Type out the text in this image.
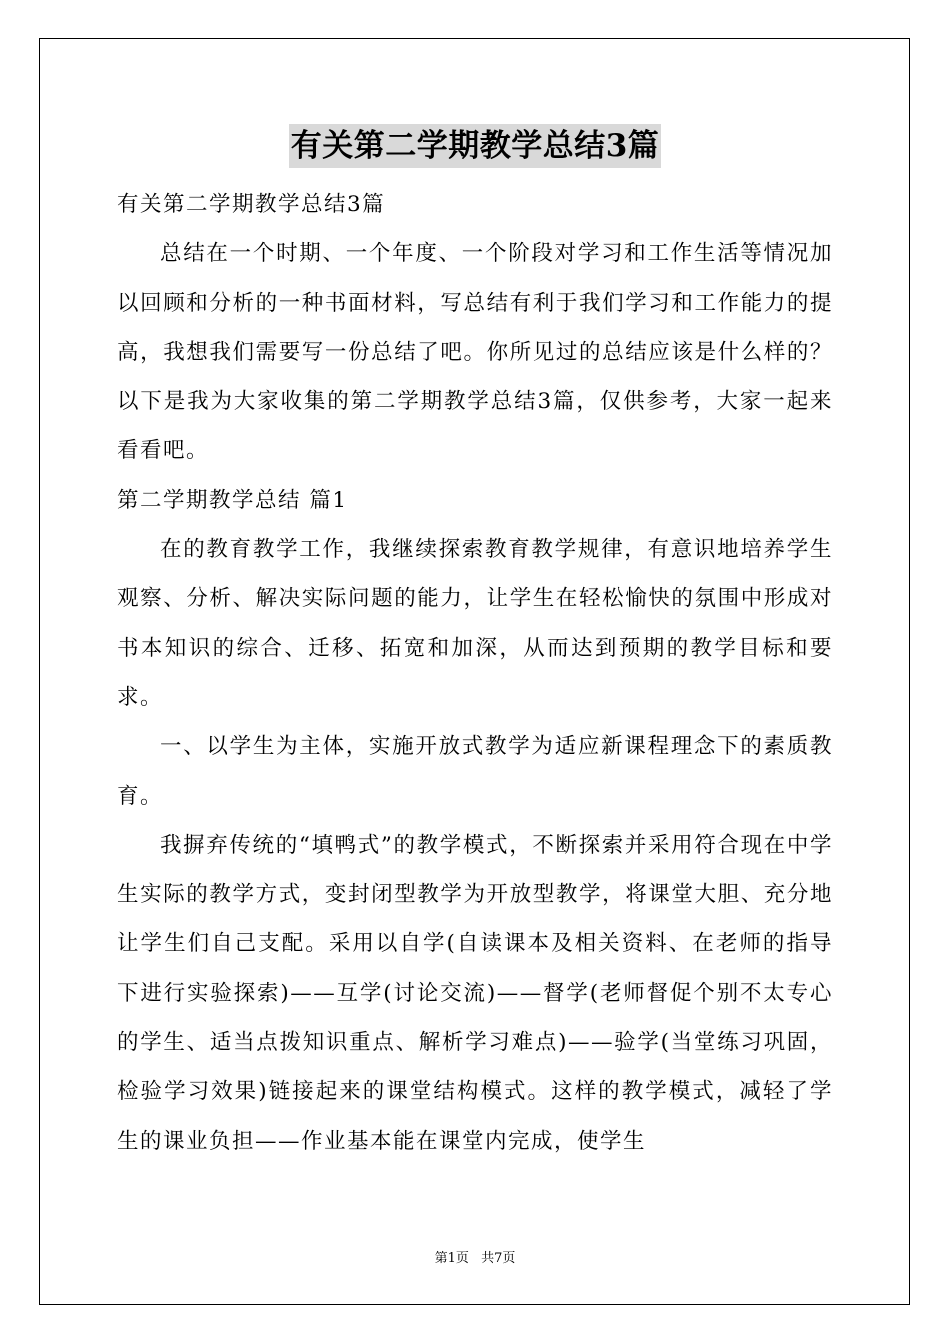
有关第二学期教学总结3篇

有关第二学期教学总结3篇

总结在一个时期、一个年度、一个阶段对学习和工作生活等情况加以回顾和分析的一种书面材料，写总结有利于我们学习和工作能力的提高，我想我们需要写一份总结了吧。你所见过的总结应该是什么样的？以下是我为大家收集的第二学期教学总结3篇，仅供参考，大家一起来看看吧。

第二学期教学总结 篇1

在的教育教学工作，我继续探索教育教学规律，有意识地培养学生观察、分析、解决实际问题的能力，让学生在轻松愉快的氛围中形成对书本知识的综合、迁移、拓宽和加深，从而达到预期的教学目标和要求。

一、以学生为主体，实施开放式教学为适应新课程理念下的素质教育。

我摒弃传统的“填鸭式”的教学模式，不断探索并采用符合现在中学生实际的教学方式，变封闭型教学为开放型教学，将课堂大胆、充分地让学生们自己支配。采用以自学(自读课本及相关资料、在老师的指导下进行实验探索)——互学(讨论交流)——督学(老师督促个别不太专心的学生、适当点拨知识重点、解析学习难点)——验学(当堂练习巩固，检验学习效果)链接起来的课堂结构模式。这样的教学模式，减轻了学生的课业负担——作业基本能在课堂内完成，使学生

第1页 共7页
